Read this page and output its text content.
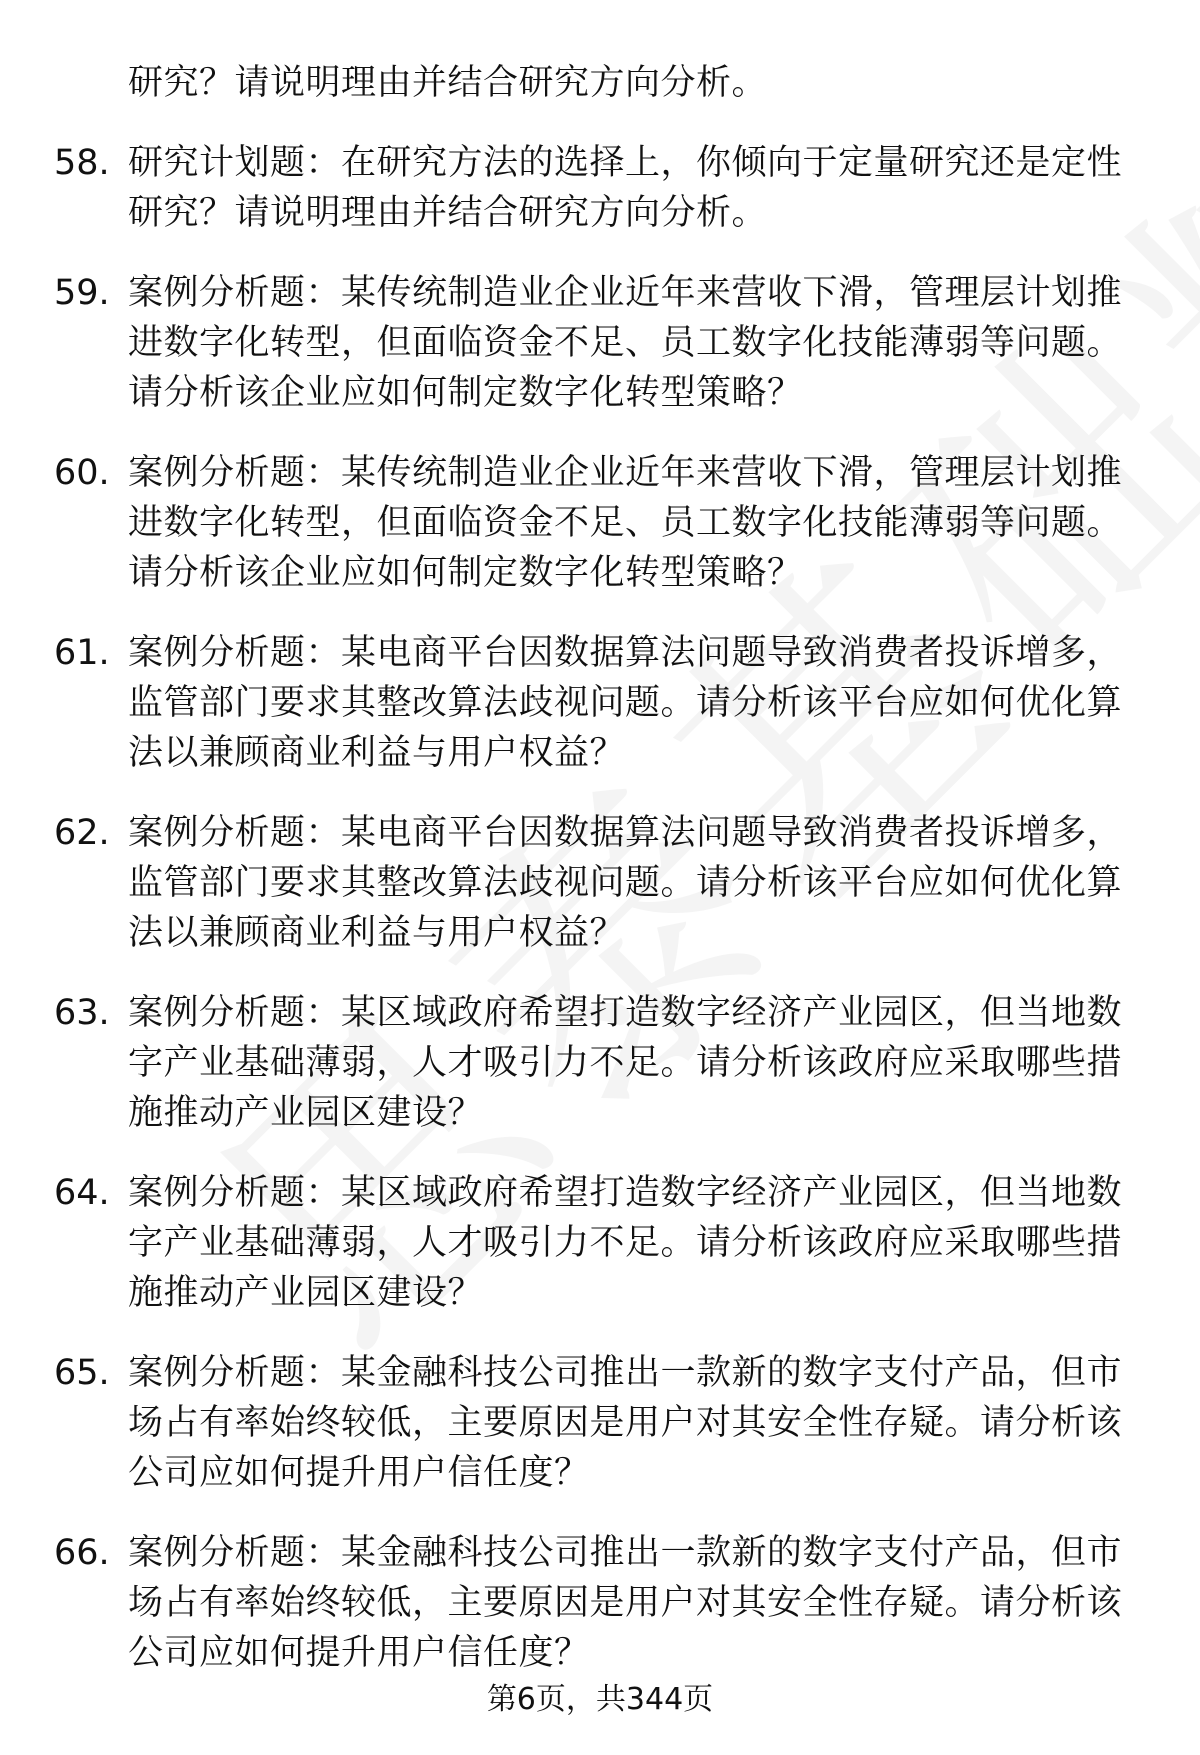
研究？请说明理由并结合研究方向分析。
58. 研究计划题：在研究方法的选择上，你倾向于定量研究还是定性
研究？请说明理由并结合研究方向分析。
59. 案例分析题：某传统制造业企业近年来营收下滑，管理层计划推
进数字化转型，但面临资金不足、员工数字化技能薄弱等问题。
请分析该企业应如何制定数字化转型策略？
60. 案例分析题：某传统制造业企业近年来营收下滑，管理层计划推
进数字化转型，但面临资金不足、员工数字化技能薄弱等问题。
请分析该企业应如何制定数字化转型策略？
61. 案例分析题：某电商平台因数据算法问题导致消费者投诉增多，
监管部门要求其整改算法歧视问题。请分析该平台应如何优化算
法以兼顾商业利益与用户权益？
62. 案例分析题：某电商平台因数据算法问题导致消费者投诉增多，
监管部门要求其整改算法歧视问题。请分析该平台应如何优化算
法以兼顾商业利益与用户权益？
63. 案例分析题：某区域政府希望打造数字经济产业园区，但当地数
字产业基础薄弱，人才吸引力不足。请分析该政府应采取哪些措
施推动产业园区建设？
64. 案例分析题：某区域政府希望打造数字经济产业园区，但当地数
字产业基础薄弱，人才吸引力不足。请分析该政府应采取哪些措
施推动产业园区建设？
65. 案例分析题：某金融科技公司推出一款新的数字支付产品，但市
场占有率始终较低，主要原因是用户对其安全性存疑。请分析该
公司应如何提升用户信任度？
66. 案例分析题：某金融科技公司推出一款新的数字支付产品，但市
场占有率始终较低，主要原因是用户对其安全性存疑。请分析该
公司应如何提升用户信任度？
第6页，共344页
